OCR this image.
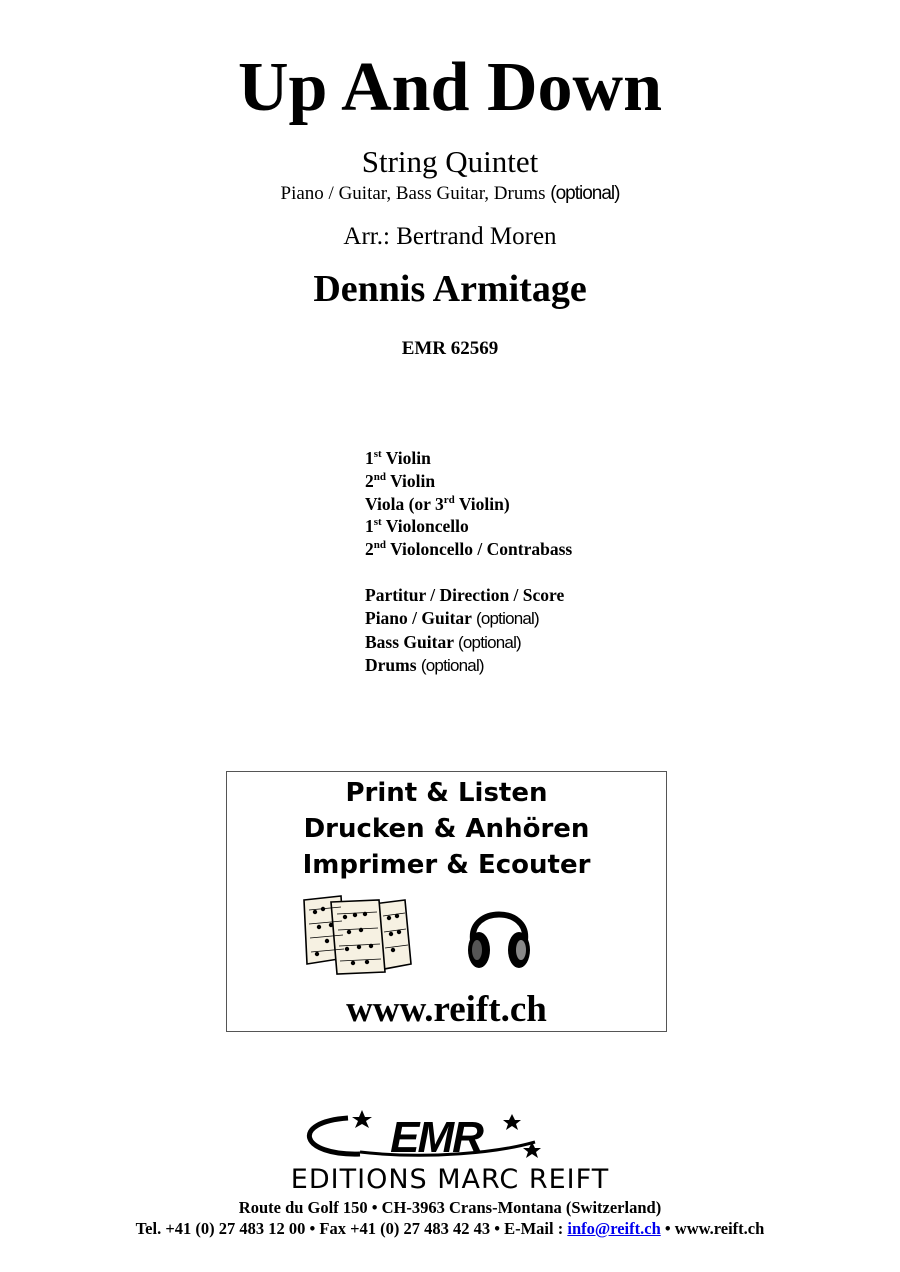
Up And Down
String Quintet
Piano / Guitar, Bass Guitar, Drums (optional)
Arr.: Bertrand Moren
Dennis Armitage
EMR 62569
1st Violin
2nd Violin
Viola (or 3rd Violin)
1st Violoncello
2nd Violoncello / Contrabass
Partitur / Direction / Score
Piano / Guitar (optional)
Bass Guitar (optional)
Drums (optional)
Print & Listen
Drucken & Anhören
Imprimer & Ecouter
www.reift.ch
EMR
EDITIONS MARC REIFT
Route du Golf 150 • CH-3963 Crans-Montana (Switzerland)
Tel. +41 (0) 27 483 12 00 • Fax +41 (0) 27 483 42 43 • E-Mail : info@reift.ch • www.reift.ch
